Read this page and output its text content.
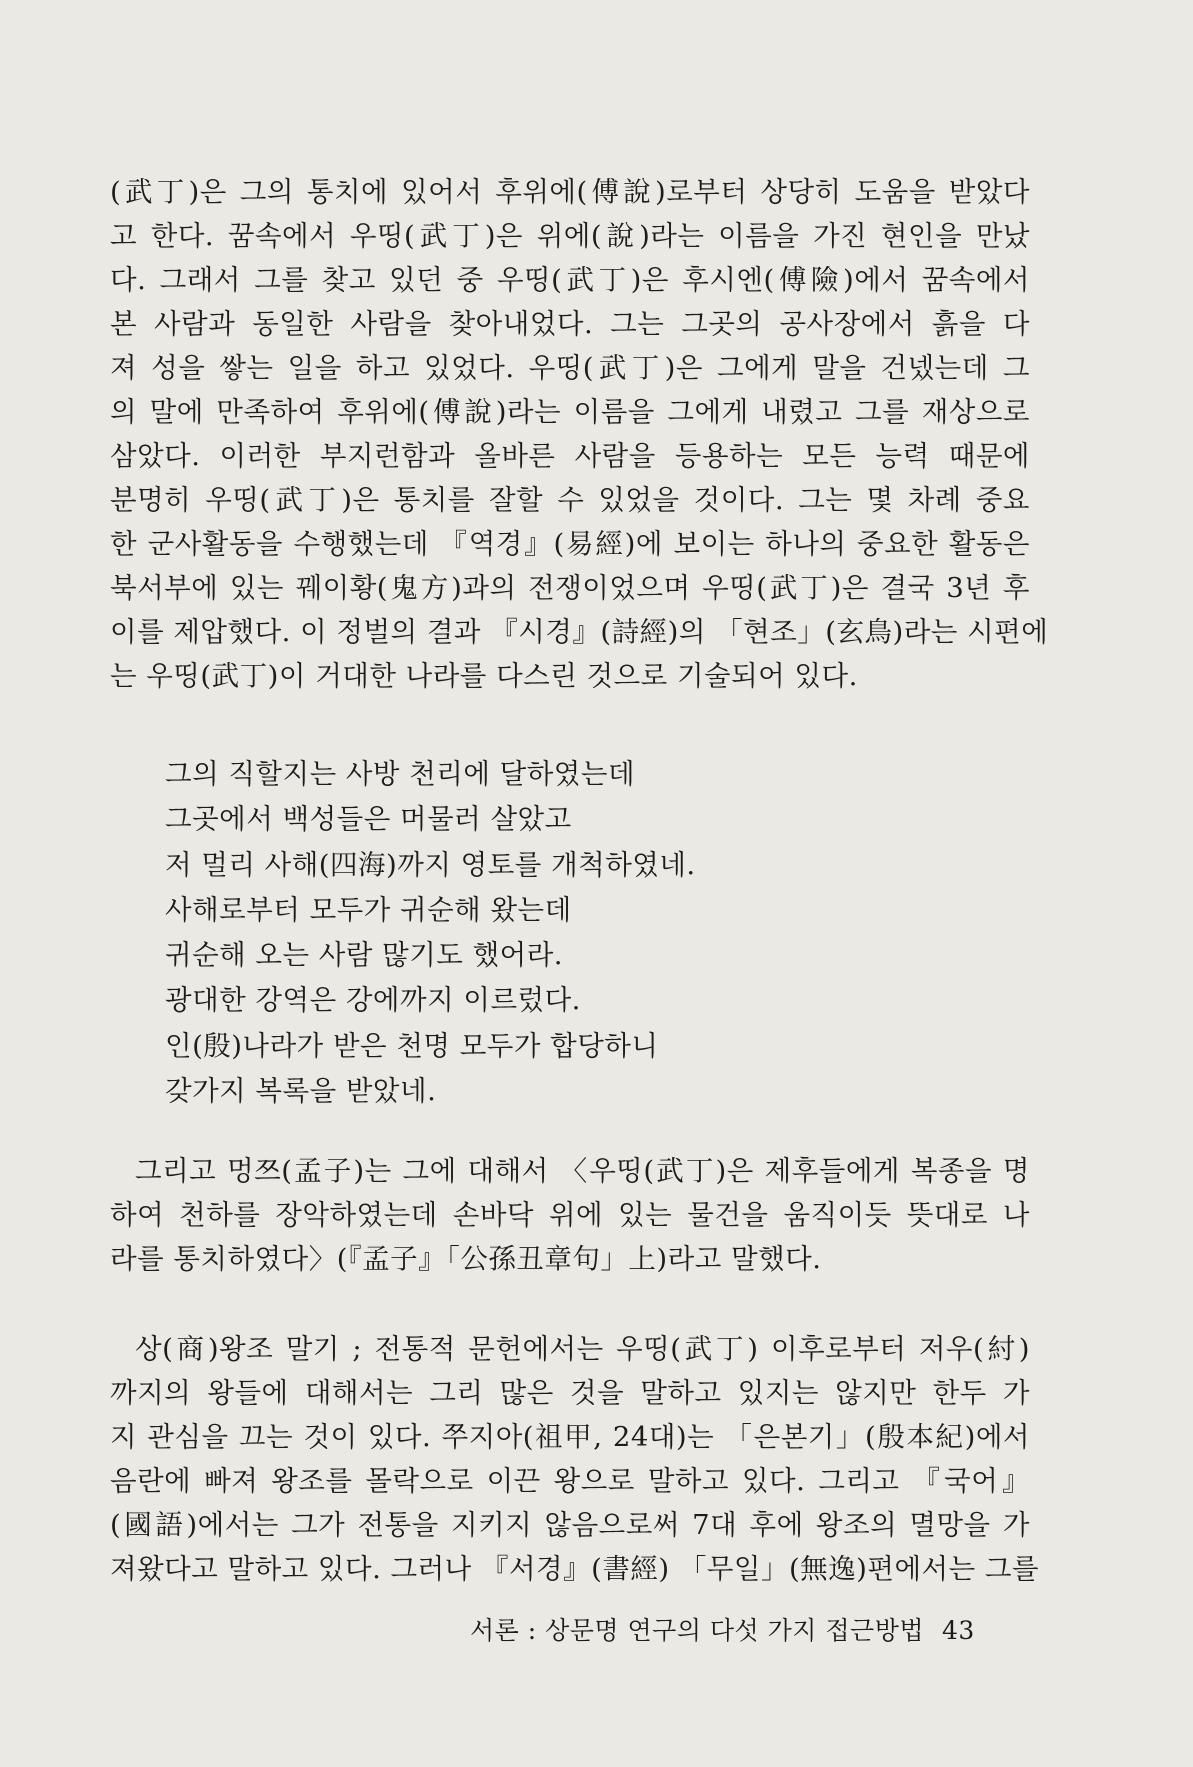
(武丁)은 그의 통치에 있어서 후위에(傅說)로부터 상당히 도움을 받았다
고 한다. 꿈속에서 우띵(武丁)은 위에(說)라는 이름을 가진 현인을 만났
다. 그래서 그를 찾고 있던 중 우띵(武丁)은 후시엔(傅險)에서 꿈속에서
본 사람과 동일한 사람을 찾아내었다. 그는 그곳의 공사장에서 흙을 다
져 성을 쌓는 일을 하고 있었다. 우띵(武丁)은 그에게 말을 건넸는데 그
의 말에 만족하여 후위에(傅說)라는 이름을 그에게 내렸고 그를 재상으로
삼았다. 이러한 부지런함과 올바른 사람을 등용하는 모든 능력 때문에
분명히 우띵(武丁)은 통치를 잘할 수 있었을 것이다. 그는 몇 차례 중요
한 군사활동을 수행했는데 『역경』(易經)에 보이는 하나의 중요한 활동은
북서부에 있는 꿰이황(鬼方)과의 전쟁이었으며 우띵(武丁)은 결국 3년 후
이를 제압했다. 이 정벌의 결과 『시경』(詩經)의 「현조」(玄鳥)라는 시편에
는 우띵(武丁)이 거대한 나라를 다스린 것으로 기술되어 있다.
그의 직할지는 사방 천리에 달하였는데
그곳에서 백성들은 머물러 살았고
저 멀리 사해(四海)까지 영토를 개척하였네.
사해로부터 모두가 귀순해 왔는데
귀순해 오는 사람 많기도 했어라.
광대한 강역은 강에까지 이르렀다.
인(殷)나라가 받은 천명 모두가 합당하니
갖가지 복록을 받았네.
그리고 멍쯔(孟子)는 그에 대해서 〈우띵(武丁)은 제후들에게 복종을 명
하여 천하를 장악하였는데 손바닥 위에 있는 물건을 움직이듯 뜻대로 나
라를 통치하였다〉(『孟子』「公孫丑章句」上)라고 말했다.
상(商)왕조 말기 ; 전통적 문헌에서는 우띵(武丁) 이후로부터 저우(紂)
까지의 왕들에 대해서는 그리 많은 것을 말하고 있지는 않지만 한두 가
지 관심을 끄는 것이 있다. 쭈지아(祖甲, 24대)는 「은본기」(殷本紀)에서
음란에 빠져 왕조를 몰락으로 이끈 왕으로 말하고 있다. 그리고 『국어』
(國語)에서는 그가 전통을 지키지 않음으로써 7대 후에 왕조의 멸망을 가
져왔다고 말하고 있다. 그러나 『서경』(書經) 「무일」(無逸)편에서는 그를
서론 : 상문명 연구의 다섯 가지 접근방법 43
